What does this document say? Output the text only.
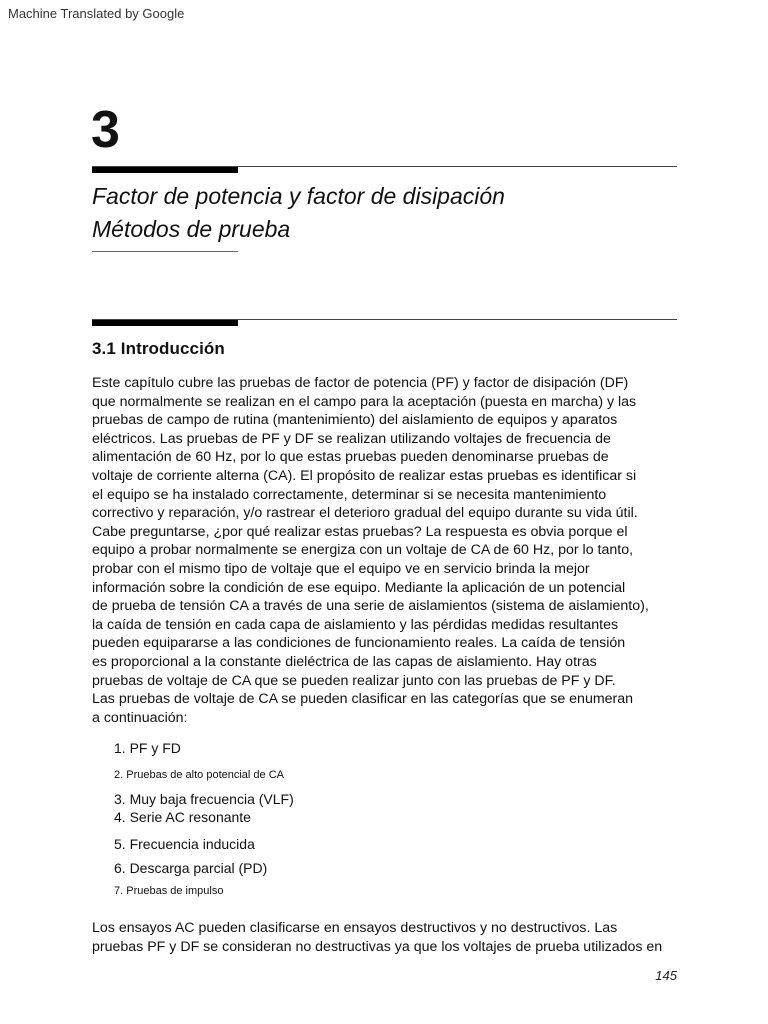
Machine Translated by Google
3
Factor de potencia y factor de disipación
Métodos de prueba
3.1 Introducción
Este capítulo cubre las pruebas de factor de potencia (PF) y factor de disipación (DF)
que normalmente se realizan en el campo para la aceptación (puesta en marcha) y las
pruebas de campo de rutina (mantenimiento) del aislamiento de equipos y aparatos
eléctricos. Las pruebas de PF y DF se realizan utilizando voltajes de frecuencia de
alimentación de 60 Hz, por lo que estas pruebas pueden denominarse pruebas de
voltaje de corriente alterna (CA). El propósito de realizar estas pruebas es identificar si
el equipo se ha instalado correctamente, determinar si se necesita mantenimiento
correctivo y reparación, y/o rastrear el deterioro gradual del equipo durante su vida útil.
Cabe preguntarse, ¿por qué realizar estas pruebas? La respuesta es obvia porque el
equipo a probar normalmente se energiza con un voltaje de CA de 60 Hz, por lo tanto,
probar con el mismo tipo de voltaje que el equipo ve en servicio brinda la mejor
información sobre la condición de ese equipo. Mediante la aplicación de un potencial
de prueba de tensión CA a través de una serie de aislamientos (sistema de aislamiento),
la caída de tensión en cada capa de aislamiento y las pérdidas medidas resultantes
pueden equipararse a las condiciones de funcionamiento reales. La caída de tensión
es proporcional a la constante dieléctrica de las capas de aislamiento. Hay otras
pruebas de voltaje de CA que se pueden realizar junto con las pruebas de PF y DF.
Las pruebas de voltaje de CA se pueden clasificar en las categorías que se enumeran
a continuación:
1. PF y FD
2. Pruebas de alto potencial de CA
3. Muy baja frecuencia (VLF)
4. Serie AC resonante
5. Frecuencia inducida
6. Descarga parcial (PD)
7. Pruebas de impulso
Los ensayos AC pueden clasificarse en ensayos destructivos y no destructivos. Las
pruebas PF y DF se consideran no destructivas ya que los voltajes de prueba utilizados en
145
